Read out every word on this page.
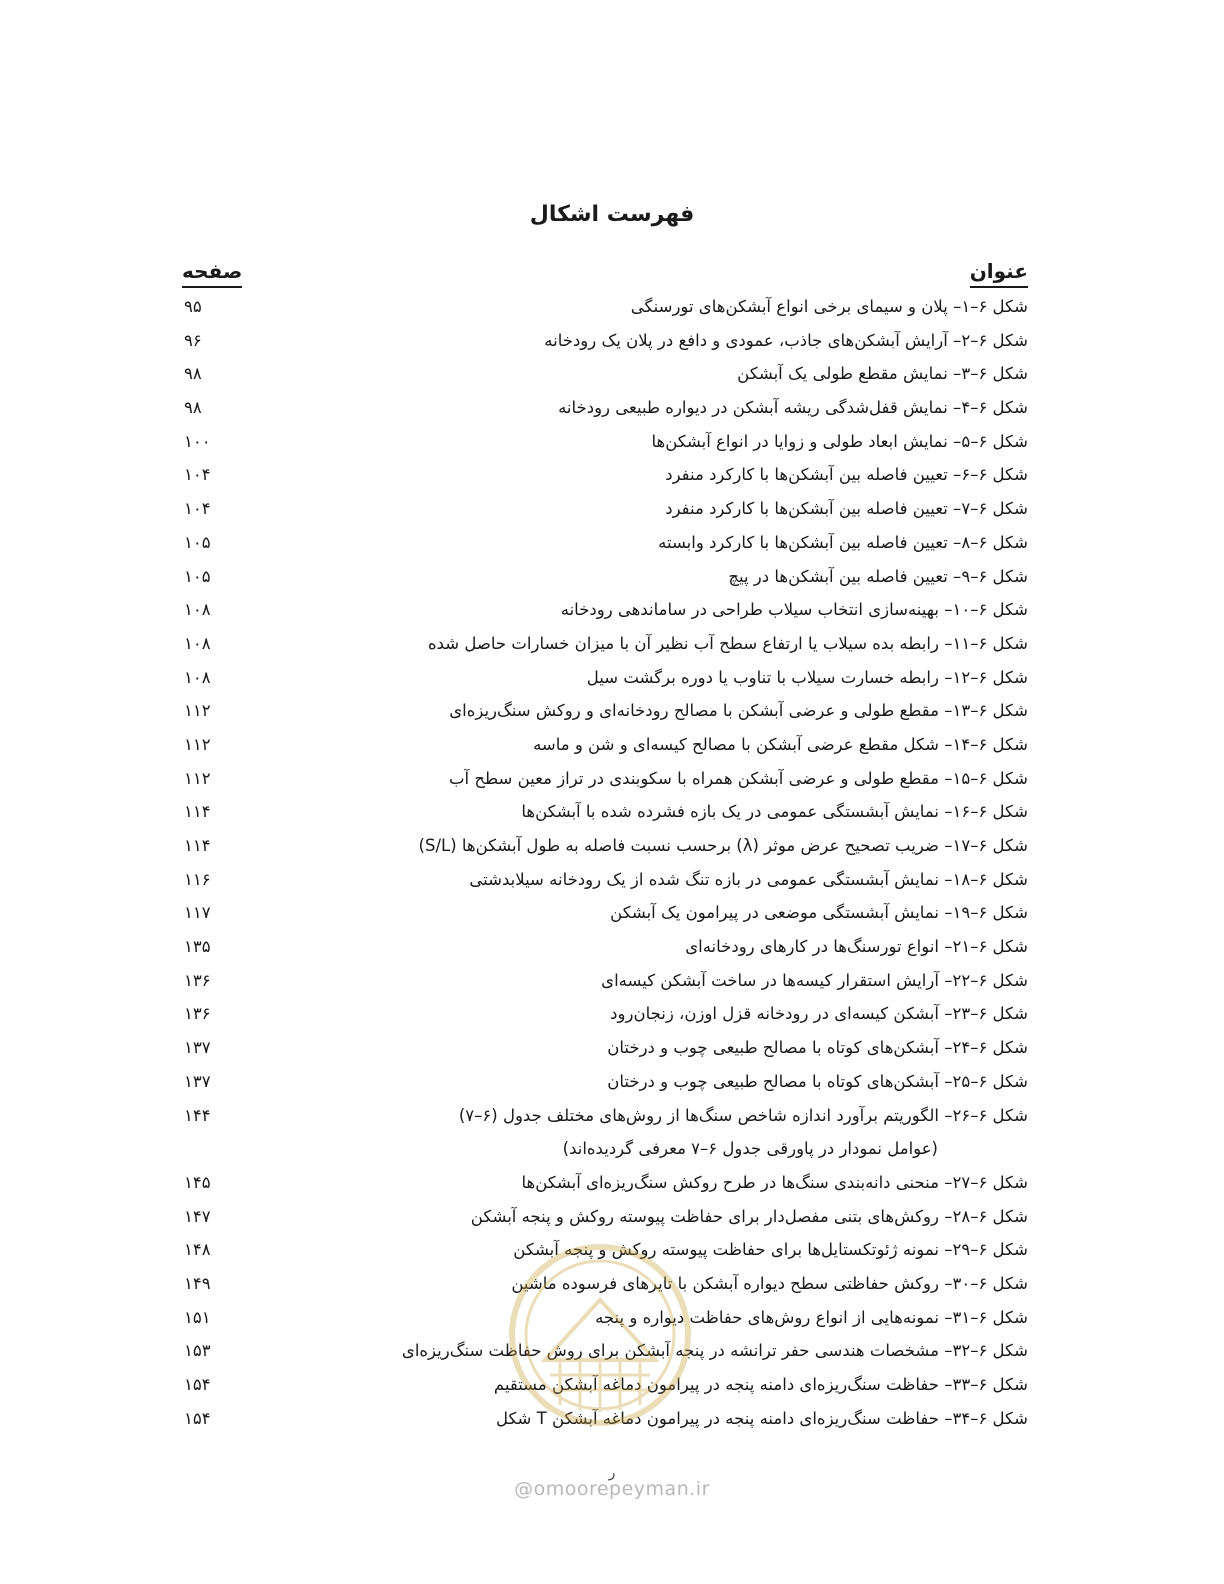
فهرست اشکال
عنوان
صفحه
شکل ۶–۱– پلان و سیمای برخی انواع آبشکن‌های تورسنگی
۹۵
شکل ۶–۲– آرایش آبشکن‌های جاذب، عمودی و دافع در پلان یک رودخانه
۹۶
شکل ۶–۳– نمایش مقطع طولی یک آبشکن
۹۸
شکل ۶–۴– نمایش قفل‌شدگی ریشه آبشکن در دیواره طبیعی رودخانه
۹۸
شکل ۶–۵– نمایش ابعاد طولی و زوایا در انواع آبشکن‌ها
۱۰۰
شکل ۶–۶– تعیین فاصله بین آبشکن‌ها با کارکرد منفرد
۱۰۴
شکل ۶–۷– تعیین فاصله بین آبشکن‌ها با کارکرد منفرد
۱۰۴
شکل ۶–۸– تعیین فاصله بین آبشکن‌ها با کارکرد وابسته
۱۰۵
شکل ۶–۹– تعیین فاصله بین آبشکن‌ها در پیچ
۱۰۵
شکل ۶–۱۰– بهینه‌سازی انتخاب سیلاب طراحی در ساماندهی رودخانه
۱۰۸
شکل ۶–۱۱– رابطه بده سیلاب یا ارتفاع سطح آب نظیر آن با میزان خسارات حاصل شده
۱۰۸
شکل ۶–۱۲– رابطه خسارت سیلاب با تناوب یا دوره برگشت سیل
۱۰۸
شکل ۶–۱۳– مقطع طولی و عرضی آبشکن با مصالح رودخانه‌ای و روکش سنگ‌ریزه‌ای
۱۱۲
شکل ۶–۱۴– شکل مقطع عرضی آبشکن با مصالح کیسه‌ای و شن و ماسه
۱۱۲
شکل ۶–۱۵– مقطع طولی و عرضی آبشکن همراه با سکوبندی در تراز معین سطح آب
۱۱۲
شکل ۶–۱۶– نمایش آبشستگی عمومی در یک بازه فشرده شده با آبشکن‌ها
۱۱۴
شکل ۶–۱۷– ضریب تصحیح عرض موثر (λ) برحسب نسبت فاصله به طول آبشکن‌ها (S/L)
۱۱۴
شکل ۶–۱۸– نمایش آبشستگی عمومی در بازه تنگ شده از یک رودخانه سیلابدشتی
۱۱۶
شکل ۶–۱۹– نمایش آبشستگی موضعی در پیرامون یک آبشکن
۱۱۷
شکل ۶–۲۱– انواع تورسنگ‌ها در کارهای رودخانه‌ای
۱۳۵
شکل ۶–۲۲– آرایش استقرار کیسه‌ها در ساخت آبشکن کیسه‌ای
۱۳۶
شکل ۶–۲۳– آبشکن کیسه‌ای در رودخانه قزل اوزن، زنجان‌رود
۱۳۶
شکل ۶–۲۴– آبشکن‌های کوتاه با مصالح طبیعی چوب و درختان
۱۳۷
شکل ۶–۲۵– آبشکن‌های کوتاه با مصالح طبیعی چوب و درختان
۱۳۷
شکل ۶–۲۶– الگوریتم برآورد اندازه شاخص سنگ‌ها از روش‌های مختلف جدول (۶–۷)
۱۴۴
(عوامل نمودار در پاورقی جدول ۶–۷ معرفی گردیده‌اند)
شکل ۶–۲۷– منحنی دانه‌بندی سنگ‌ها در طرح روکش سنگ‌ریزه‌ای آبشکن‌ها
۱۴۵
شکل ۶–۲۸– روکش‌های بتنی مفصل‌دار برای حفاظت پیوسته روکش و پنجه آبشکن
۱۴۷
شکل ۶–۲۹– نمونه ژئوتکستایل‌ها برای حفاظت پیوسته روکش و پنجه آبشکن
۱۴۸
شکل ۶–۳۰– روکش حفاظتی سطح دیواره آبشکن با تایرهای فرسوده ماشین
۱۴۹
شکل ۶–۳۱– نمونه‌هایی از انواع روش‌های حفاظت دیواره و پنجه
۱۵۱
شکل ۶–۳۲– مشخصات هندسی حفر ترانشه در پنجه آبشکن برای روش حفاظت سنگ‌ریزه‌ای
۱۵۳
شکل ۶–۳۳– حفاظت سنگ‌ریزه‌ای دامنه پنجه در پیرامون دماغه آبشکن مستقیم
۱۵۴
شکل ۶–۳۴– حفاظت سنگ‌ریزه‌ای دامنه پنجه در پیرامون دماغه آبشکن T شکل
۱۵۴
ر
@omoorepeyman.ir
